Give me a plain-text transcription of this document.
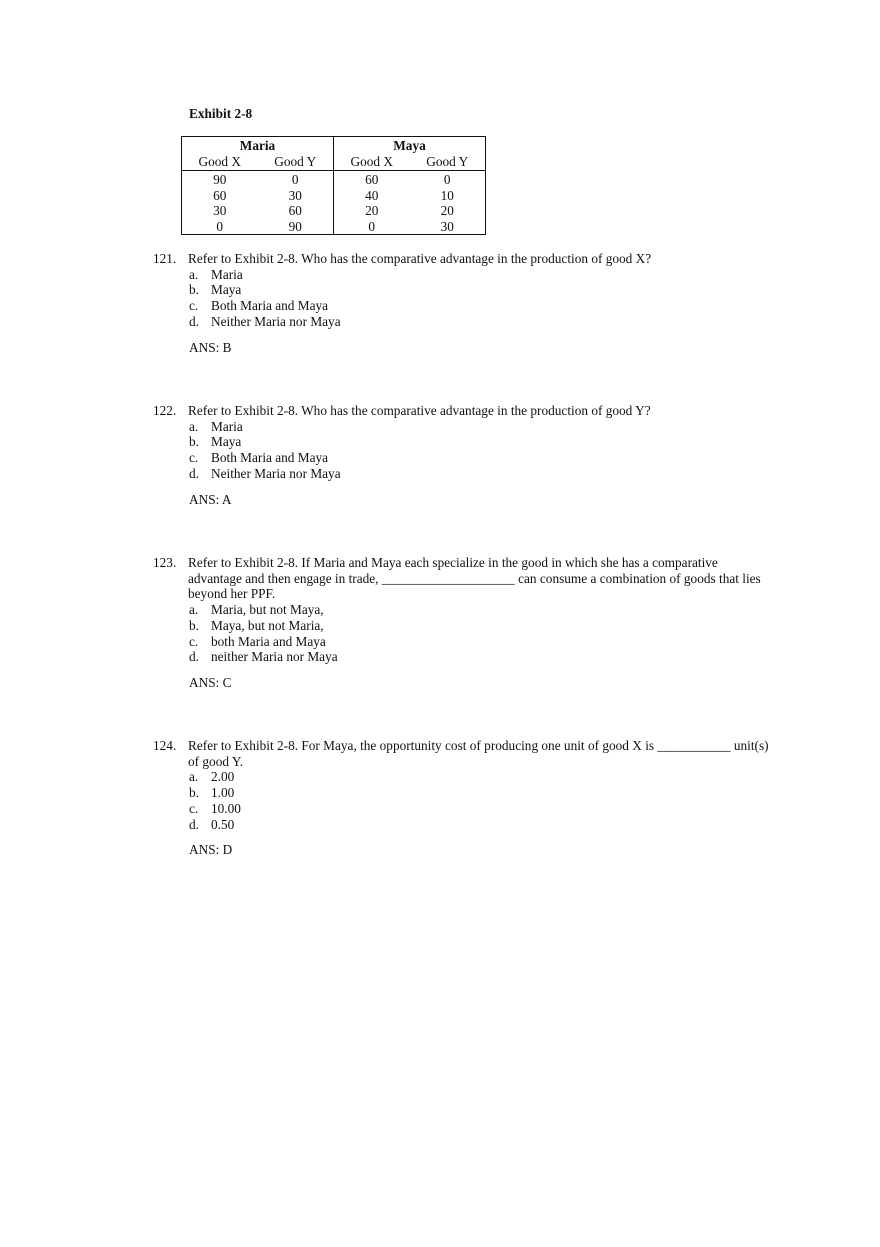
Exhibit 2-8
Maria		Maya	
Good X	Good Y	Good X	Good Y
90	0	60	0
60	30	40	10
30	60	20	20
0	90	0	30
121. Refer to Exhibit 2-8. Who has the comparative advantage in the production of good X?
a. Maria
b. Maya
c. Both Maria and Maya
d. Neither Maria nor Maya
ANS: B
122. Refer to Exhibit 2-8. Who has the comparative advantage in the production of good Y?
a. Maria
b. Maya
c. Both Maria and Maya
d. Neither Maria nor Maya
ANS: A
123. Refer to Exhibit 2-8. If Maria and Maya each specialize in the good in which she has a comparative advantage and then engage in trade, ____________________ can consume a combination of goods that lies beyond her PPF.
a. Maria, but not Maya,
b. Maya, but not Maria,
c. both Maria and Maya
d. neither Maria nor Maya
ANS: C
124. Refer to Exhibit 2-8. For Maya, the opportunity cost of producing one unit of good X is ___________ unit(s) of good Y.
a. 2.00
b. 1.00
c. 10.00
d. 0.50
ANS: D
